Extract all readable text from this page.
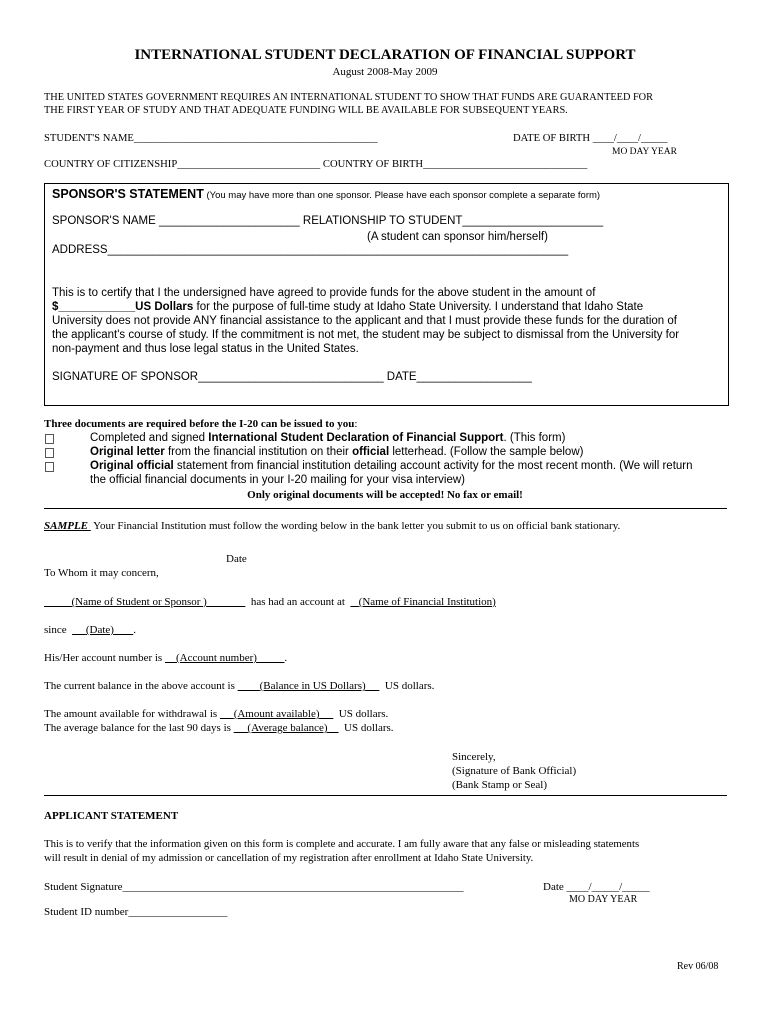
INTERNATIONAL STUDENT DECLARATION OF FINANCIAL SUPPORT
August 2008-May 2009
THE UNITED STATES GOVERNMENT REQUIRES AN INTERNATIONAL STUDENT TO SHOW THAT FUNDS ARE GUARANTEED FOR
THE FIRST YEAR OF STUDY AND THAT ADEQUATE FUNDING WILL BE AVAILABLE FOR SUBSEQUENT YEARS.
STUDENT'S NAME______________________________________________	DATE OF BIRTH ____/____/_____
MO DAY YEAR
COUNTRY OF CITIZENSHIP___________________________ COUNTRY OF BIRTH_______________________________
SPONSOR'S STATEMENT (You may have more than one sponsor. Please have each sponsor complete a separate form)
SPONSOR'S NAME ______________________ RELATIONSHIP TO STUDENT______________________
(A student can sponsor him/herself)
ADDRESS________________________________________________________________________
This is to certify that I the undersigned have agreed to provide funds for the above student in the amount of
$____________US Dollars for the purpose of full-time study at Idaho State University. I understand that Idaho State
University does not provide ANY financial assistance to the applicant and that I must provide these funds for the duration of
the applicant's course of study. If the commitment is not met, the student may be subject to dismissal from the University for
non-payment and thus lose legal status in the United States.
SIGNATURE OF SPONSOR_____________________________ DATE__________________
Three documents are required before the I-20 can be issued to you:
Completed and signed International Student Declaration of Financial Support. (This form)
Original letter from the financial institution on their official letterhead. (Follow the sample below)
Original official statement from financial institution detailing account activity for the most recent month. (We will return
the official financial documents in your I-20 mailing for your visa interview)
Only original documents will be accepted! No fax or email!
SAMPLE  Your Financial Institution must follow the wording below in the bank letter you submit to us on official bank stationary.
Date
To Whom it may concern,
(Name of Student or Sponsor )	has had an account at (Name of Financial Institution)
since (Date) .
His/Her account number is (Account number)	.
The current balance in the above account is (Balance in US Dollars) US dollars.
The amount available for withdrawal is (Amount available) US dollars.
The average balance for the last 90 days is (Average balance) US dollars.
Sincerely,
(Signature of Bank Official)
(Bank Stamp or Seal)
APPLICANT STATEMENT
This is to verify that the information given on this form is complete and accurate. I am fully aware that any false or misleading statements
will result in denial of my admission or cancellation of my registration after enrollment at Idaho State University.
Student Signature______________________________________________________________	Date ____/_____/_____
MO DAY YEAR
Student ID number__________________
Rev 06/08
